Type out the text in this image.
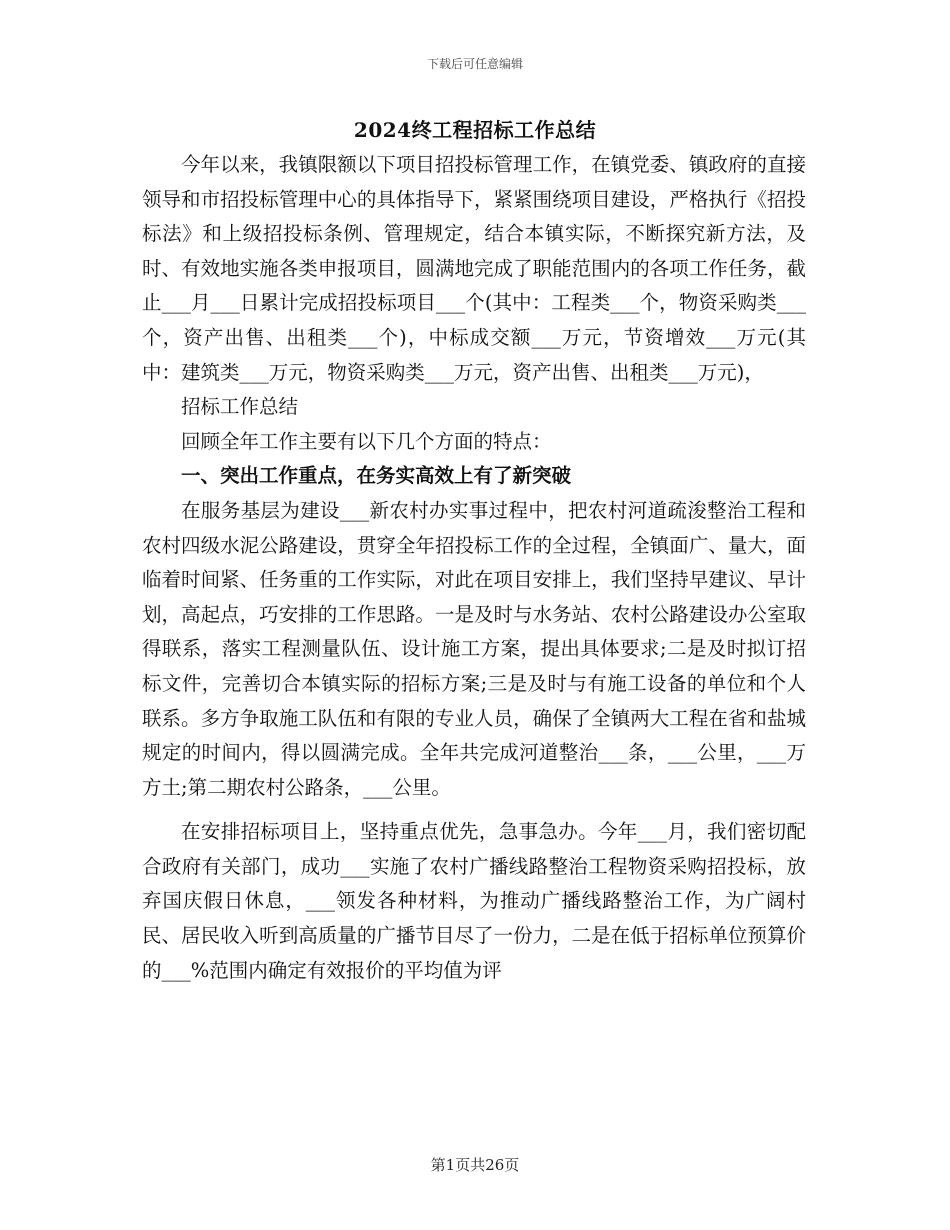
下载后可任意编辑
2024终工程招标工作总结

今年以来，我镇限额以下项目招投标管理工作，在镇党委、镇政府的直接领导和市招投标管理中心的具体指导下，紧紧围绕项目建设，严格执行《招投标法》和上级招投标条例、管理规定，结合本镇实际，不断探究新方法，及时、有效地实施各类申报项目，圆满地完成了职能范围内的各项工作任务，截止___月___日累计完成招投标项目___个(其中：工程类___个，物资采购类___个，资产出售、出租类___个)，中标成交额___万元，节资增效___万元(其中：建筑类___万元，物资采购类___万元，资产出售、出租类___万元)，

招标工作总结

回顾全年工作主要有以下几个方面的特点：

一、突出工作重点，在务实高效上有了新突破

在服务基层为建设___新农村办实事过程中，把农村河道疏浚整治工程和农村四级水泥公路建设，贯穿全年招投标工作的全过程，全镇面广、量大，面临着时间紧、任务重的工作实际，对此在项目安排上，我们坚持早建议、早计划，高起点，巧安排的工作思路。一是及时与水务站、农村公路建设办公室取得联系，落实工程测量队伍、设计施工方案，提出具体要求;二是及时拟订招标文件，完善切合本镇实际的招标方案;三是及时与有施工设备的单位和个人联系。多方争取施工队伍和有限的专业人员，确保了全镇两大工程在省和盐城规定的时间内，得以圆满完成。全年共完成河道整治___条，___公里，___万方土;第二期农村公路条，___公里。

在安排招标项目上，坚持重点优先，急事急办。今年___月，我们密切配合政府有关部门，成功___实施了农村广播线路整治工程物资采购招投标，放弃国庆假日休息，___领发各种材料，为推动广播线路整治工作，为广阔村民、居民收入听到高质量的广播节目尽了一份力，二是在低于招标单位预算价的___%范围内确定有效报价的平均值为评

第1页共26页
